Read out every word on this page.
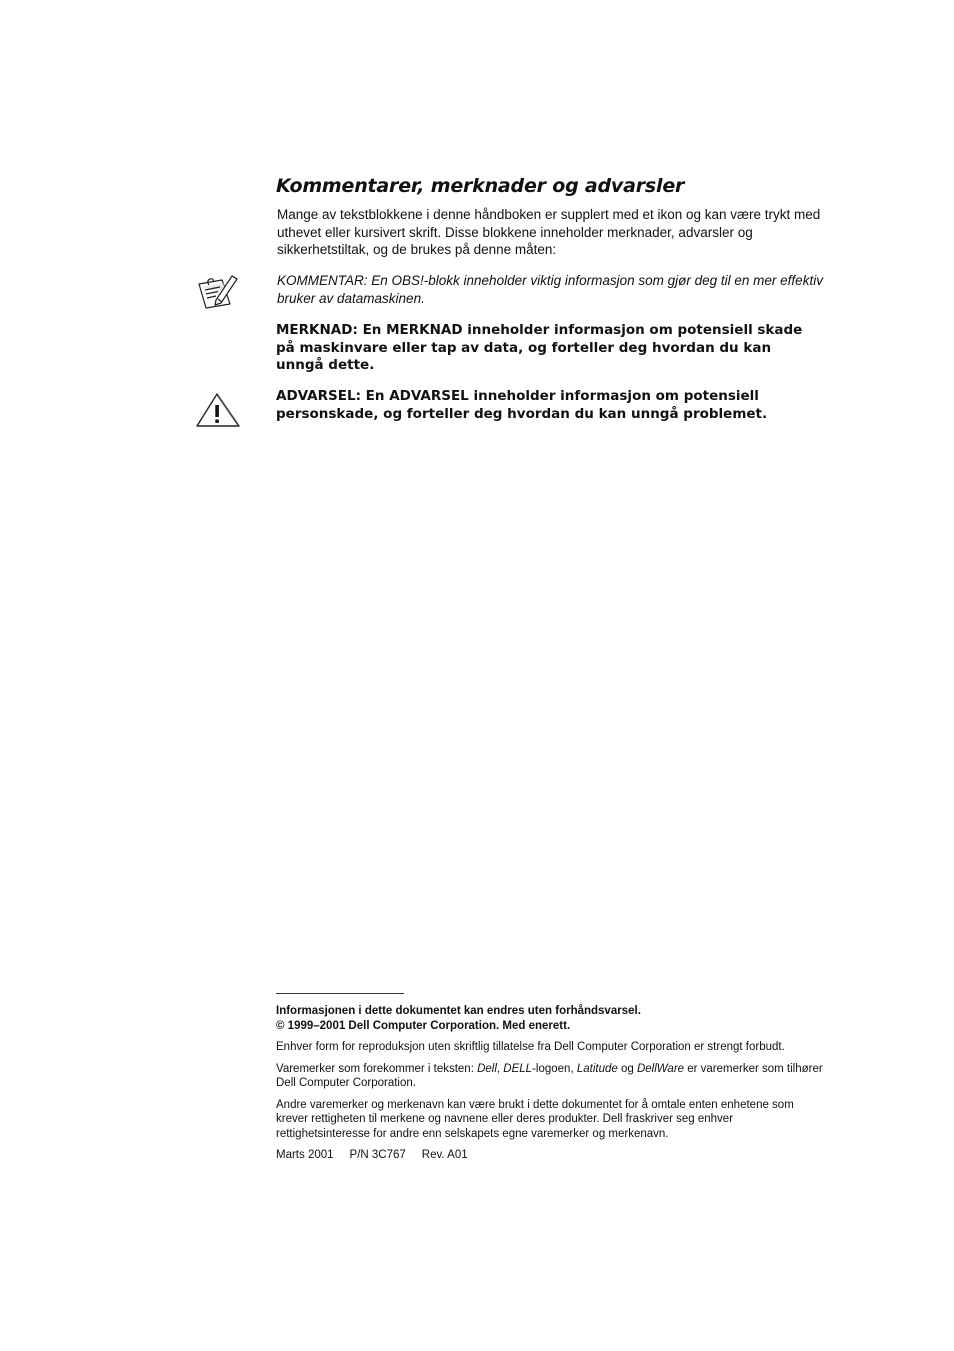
Kommentarer, merknader og advarsler

Mange av tekstblokkene i denne håndboken er supplert med et ikon og kan være trykt med uthevet eller kursivert skrift. Disse blokkene inneholder merknader, advarsler og sikkerhetstiltak, og de brukes på denne måten:

KOMMENTAR: En OBS!-blokk inneholder viktig informasjon som gjør deg til en mer effektiv bruker av datamaskinen.

MERKNAD: En MERKNAD inneholder informasjon om potensiell skade på maskinvare eller tap av data, og forteller deg hvordan du kan unngå dette.

ADVARSEL: En ADVARSEL inneholder informasjon om potensiell personskade, og forteller deg hvordan du kan unngå problemet.

Informasjonen i dette dokumentet kan endres uten forhåndsvarsel.
© 1999–2001 Dell Computer Corporation. Med enerett.

Enhver form for reproduksjon uten skriftlig tillatelse fra Dell Computer Corporation er strengt forbudt.

Varemerker som forekommer i teksten: Dell, DELL-logoen, Latitude og DellWare er varemerker som tilhører Dell Computer Corporation.

Andre varemerker og merkenavn kan være brukt i dette dokumentet for å omtale enten enhetene som krever rettigheten til merkene og navnene eller deres produkter. Dell fraskriver seg enhver rettighetsinteresse for andre enn selskapets egne varemerker og merkenavn.

Marts 2001 P/N 3C767 Rev. A01
